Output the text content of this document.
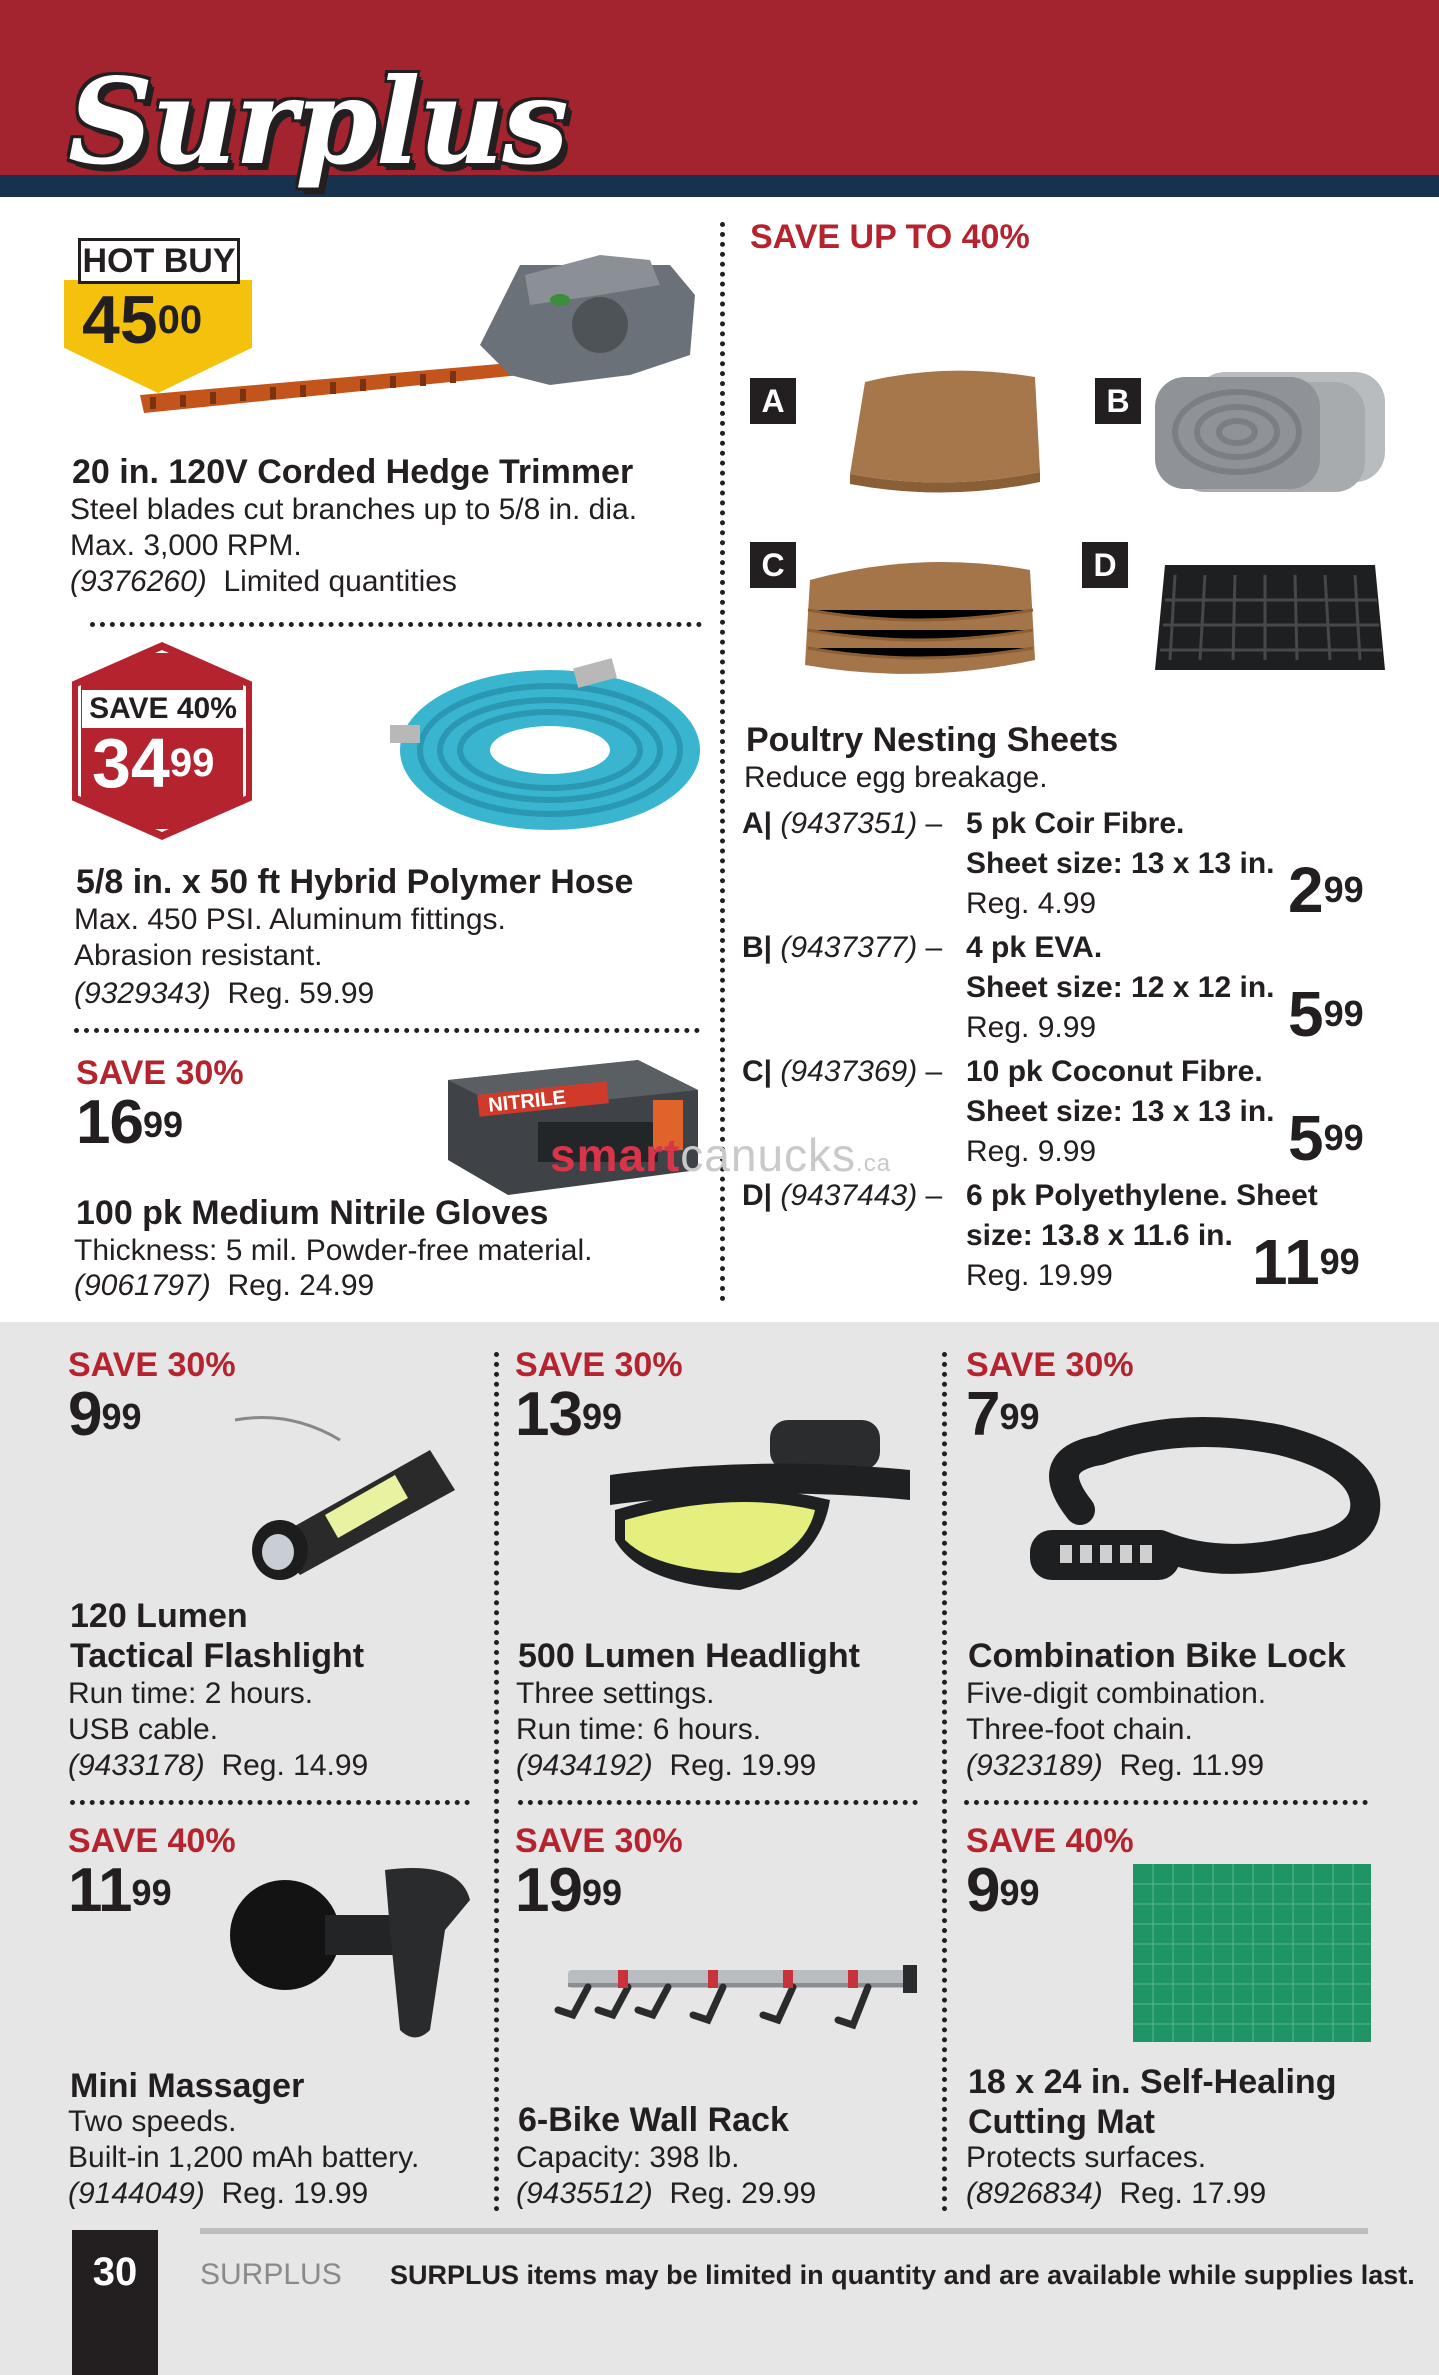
Surplus
HOT BUY
$45^{00}$
20 in. 120V Corded Hedge Trimmer
Steel blades cut branches up to 5/8 in. dia.
Max. 3,000 RPM.
(9376260) Limited quantities
SAVE 40%
$34^{99}$
5/8 in. x 50 ft Hybrid Polymer Hose
Max. 450 PSI. Aluminum fittings.
Abrasion resistant.
(9329343) Reg. 59.99
SAVE 30%
$16^{99}$
NITRILE
100 pk Medium Nitrile Gloves
Thickness: 5 mil. Powder-free material.
(9061797) Reg. 24.99
SAVE UP TO 40%
A	B
C	D
Poultry Nesting Sheets
Reduce egg breakage.
A| (9437351) – 5 pk Coir Fibre.
Sheet size: 13 x 13 in.
Reg. 4.99	$2^{99}$
B| (9437377) – 4 pk EVA.
Sheet size: 12 x 12 in.
Reg. 9.99	$5^{99}$
C| (9437369) – 10 pk Coconut Fibre.
Sheet size: 13 x 13 in.
Reg. 9.99	$5^{99}$
D| (9437443) – 6 pk Polyethylene. Sheet
size: 13.8 x 11.6 in.
Reg. 19.99 $11^{99}$
smartcanucks.ca
SAVE 30%
$9^{99}$
120 Lumen
Tactical Flashlight
Run time: 2 hours.
USB cable.
(9433178) Reg. 14.99
SAVE 30%
$13^{99}$
500 Lumen Headlight
Three settings.
Run time: 6 hours.
(9434192) Reg. 19.99
SAVE 30%
$7^{99}$
Combination Bike Lock
Five-digit combination.
Three-foot chain.
(9323189) Reg. 11.99
SAVE 40%
$11^{99}$
Mini Massager
Two speeds.
Built-in 1,200 mAh battery.
(9144049) Reg. 19.99
SAVE 30%
$19^{99}$
6-Bike Wall Rack
Capacity: 398 lb.
(9435512) Reg. 29.99
SAVE 40%
$9^{99}$
18 x 24 in. Self-Healing
Cutting Mat
Protects surfaces.
(8926834) Reg. 17.99
30	SURPLUS SURPLUS items may be limited in quantity and are available while supplies last.
